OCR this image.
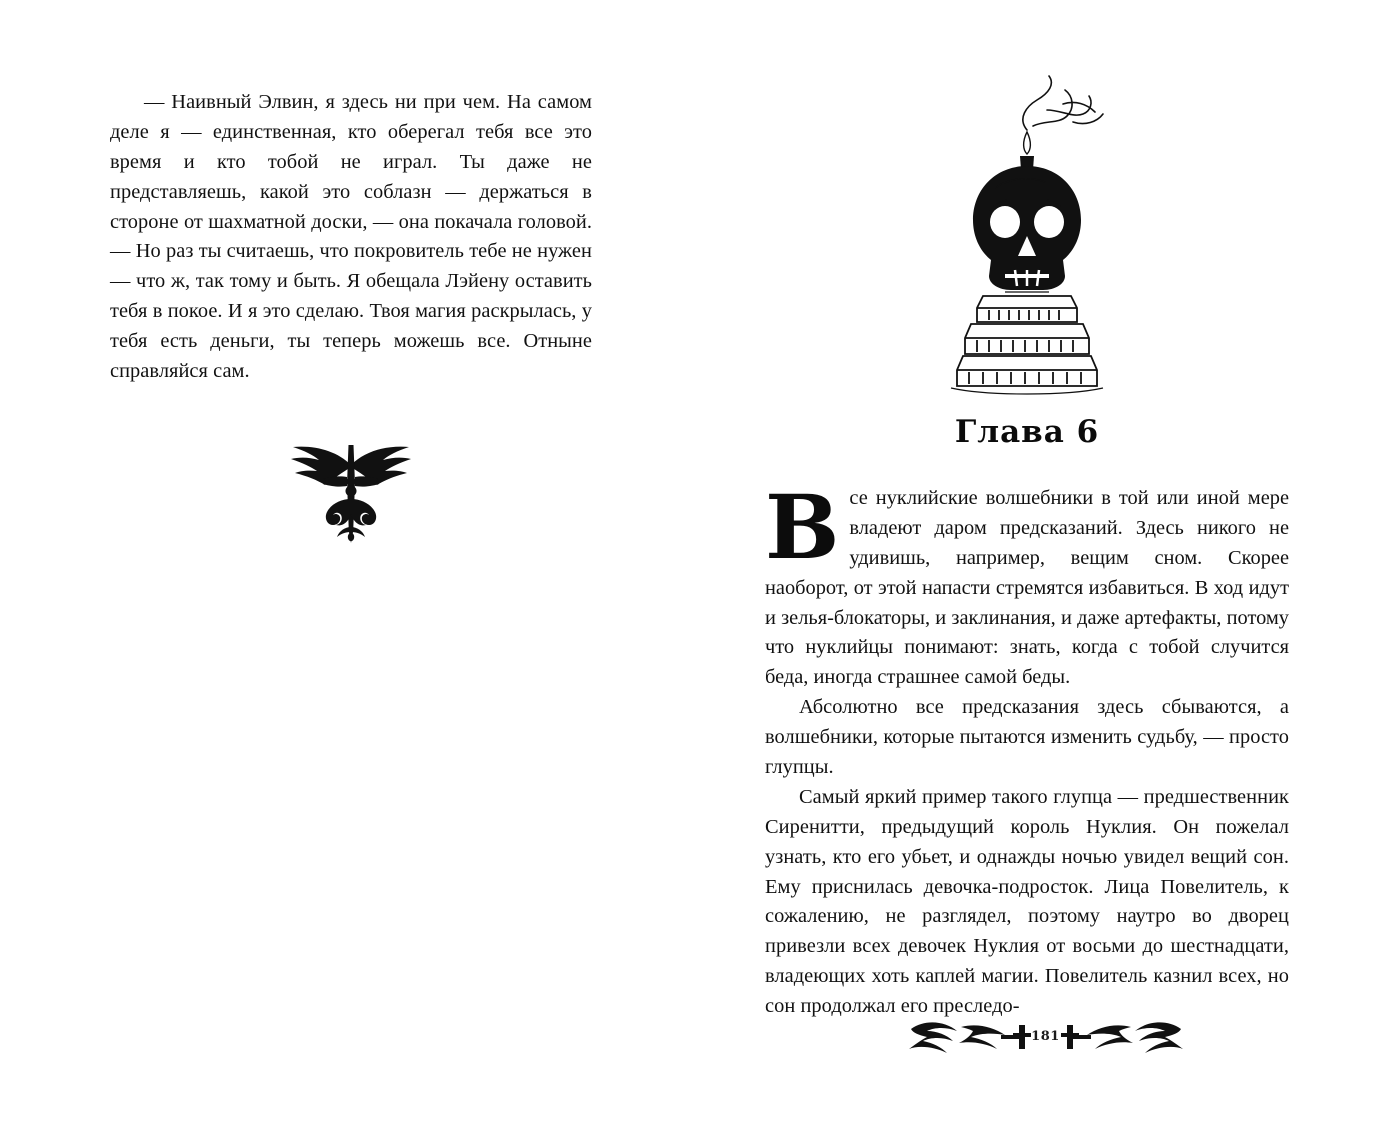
— Наивный Элвин, я здесь ни при чем. На самом деле я — единственная, кто оберегал тебя все это время и кто тобой не играл. Ты даже не представляешь, какой это соблазн — держаться в стороне от шахматной доски, — она покачала головой. — Но раз ты считаешь, что покровитель тебе не нужен — что ж, так тому и быть. Я обещала Лэйену оставить тебя в покое. И я это сделаю. Твоя магия раскрылась, у тебя есть деньги, ты теперь можешь все. Отныне справляйся сам.

Глава 6

Все нуклийские волшебники в той или иной мере владеют даром предсказаний. Здесь никого не удивишь, например, вещим сном. Скорее наоборот, от этой напасти стремятся избавиться. В ход идут и зелья-блокаторы, и заклинания, и даже артефакты, потому что нуклийцы понимают: знать, когда с тобой случится беда, иногда страшнее самой беды.

Абсолютно все предсказания здесь сбываются, а волшебники, которые пытаются изменить судьбу, — просто глупцы.

Самый яркий пример такого глупца — предшественник Сиренитти, предыдущий король Нуклия. Он пожелал узнать, кто его убьет, и однажды ночью увидел вещий сон. Ему приснилась девочка-подросток. Лица Повелитель, к сожалению, не разглядел, поэтому наутро во дворец привезли всех девочек Нуклия от восьми до шестнадцати, владеющих хоть каплей магии. Повелитель казнил всех, но сон продолжал его преследо-

181
